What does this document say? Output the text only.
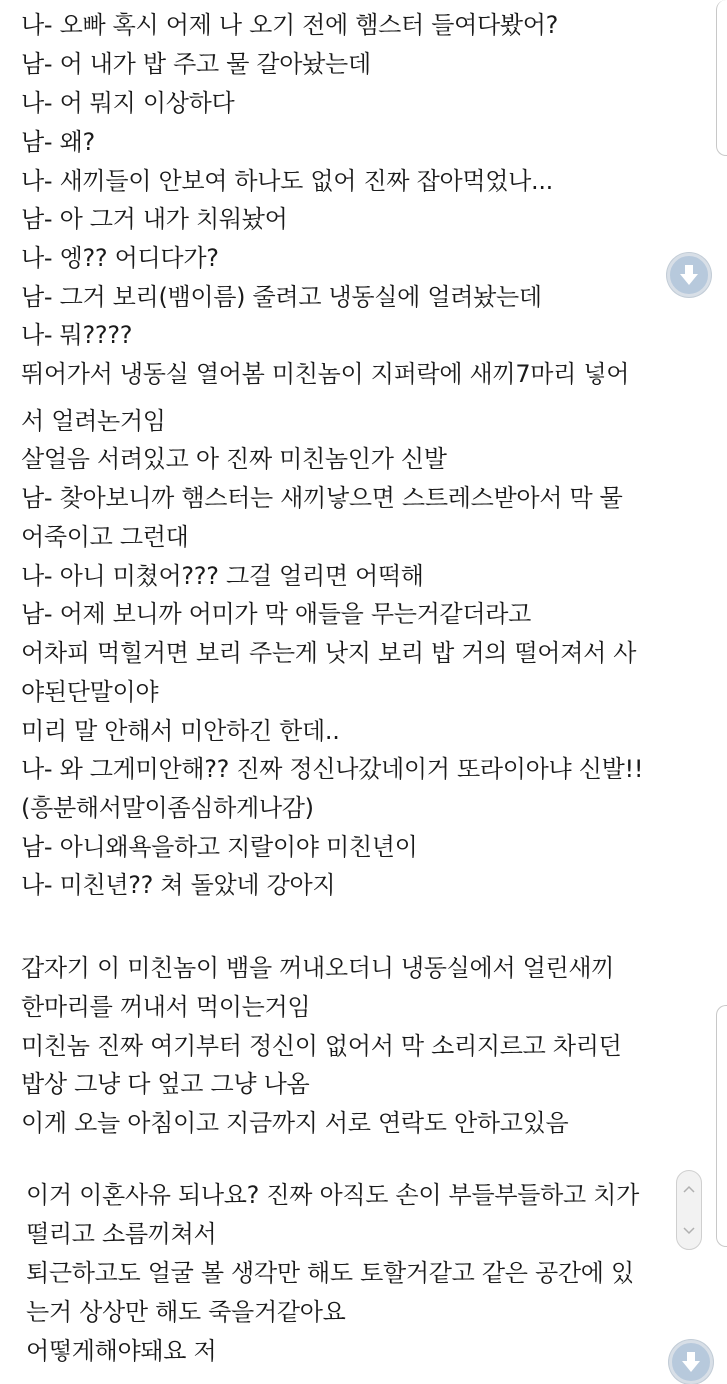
나- 오빠 혹시 어제 나 오기 전에 햄스터 들여다봤어?
남- 어 내가 밥 주고 물 갈아놨는데
나- 어 뭐지 이상하다
남- 왜?
나- 새끼들이 안보여 하나도 없어 진짜 잡아먹었나...
남- 아 그거 내가 치워놨어
나- 엥?? 어디다가?
남- 그거 보리(뱀이름) 줄려고 냉동실에 얼려놨는데
나- 뭐????
뛰어가서 냉동실 열어봄 미친놈이 지퍼락에 새끼7마리 넣어
서 얼려논거임
살얼음 서려있고 아 진짜 미친놈인가 신발
남- 찾아보니까 햄스터는 새끼낳으면 스트레스받아서 막 물
어죽이고 그런대
나- 아니 미쳤어??? 그걸 얼리면 어떡해
남- 어제 보니까 어미가 막 애들을 무는거같더라고
어차피 먹힐거면 보리 주는게 낫지 보리 밥 거의 떨어져서 사
야된단말이야
미리 말 안해서 미안하긴 한데..
나- 와 그게미안해?? 진짜 정신나갔네이거 또라이아냐 신발!!
(흥분해서말이좀심하게나감)
남- 아니왜욕을하고 지랄이야 미친년이
나- 미친년?? 쳐 돌았네 강아지
갑자기 이 미친놈이 뱀을 꺼내오더니 냉동실에서 얼린새끼
한마리를 꺼내서 먹이는거임
미친놈 진짜 여기부터 정신이 없어서 막 소리지르고 차리던
밥상 그냥 다 엎고 그냥 나옴
이게 오늘 아침이고 지금까지 서로 연락도 안하고있음
이거 이혼사유 되나요? 진짜 아직도 손이 부들부들하고 치가
떨리고 소름끼쳐서
퇴근하고도 얼굴 볼 생각만 해도 토할거같고 같은 공간에 있
는거 상상만 해도 죽을거같아요
어떻게해야돼요 저
